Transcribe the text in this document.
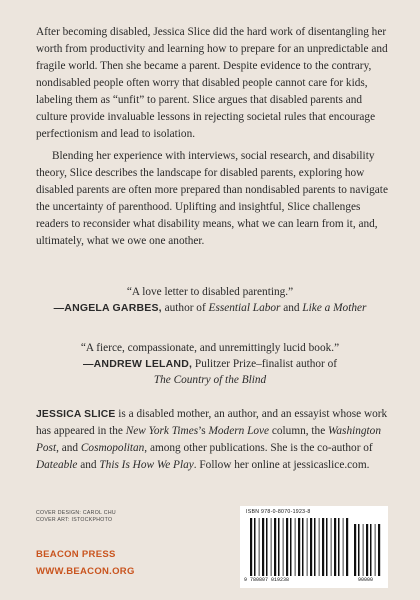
After becoming disabled, Jessica Slice did the hard work of disentangling her worth from productivity and learning how to prepare for an unpredictable and fragile world. Then she became a parent. Despite evidence to the contrary, nondisabled people often worry that disabled people cannot care for kids, labeling them as “unfit” to parent. Slice argues that disabled parents and culture provide invaluable lessons in rejecting societal rules that encourage perfectionism and lead to isolation.

Blending her experience with interviews, social research, and disability theory, Slice describes the landscape for disabled parents, exploring how disabled parents are often more prepared than nondisabled parents to navigate the uncertainty of parenthood. Uplifting and insightful, Slice challenges readers to reconsider what disability means, what we can learn from it, and, ultimately, what we owe one another.

“A love letter to disabled parenting.”
—ANGELA GARBES, author of Essential Labor and Like a Mother
“A fierce, compassionate, and unremittingly lucid book.”
—ANDREW LELAND, Pulitzer Prize–finalist author of
The Country of the Blind
JESSICA SLICE is a disabled mother, an author, and an essayist whose work has appeared in the New York Times’s Modern Love column, the Washington Post, and Cosmopolitan, among other publications. She is the co-author of Dateable and This Is How We Play. Follow her online at jessicaslice.com.
COVER DESIGN: CAROL CHU
COVER ART: ISTOCKPHOTO
BEACON PRESS
WWW.BEACON.ORG
ISBN 978-0-8070-1923-8
9 780807 019238	90000
